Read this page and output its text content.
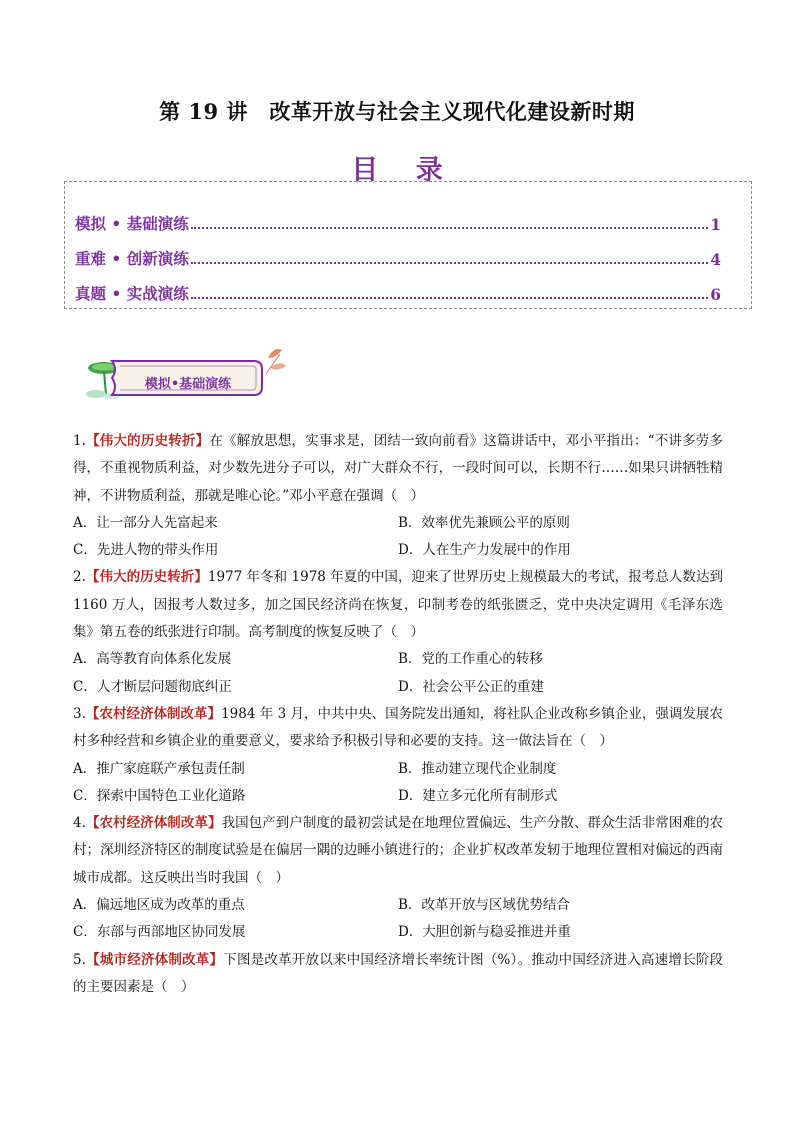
第 19 讲　改革开放与社会主义现代化建设新时期
目 录
模拟 • 基础演练	1
重难 • 创新演练	4
真题 • 实战演练	6
模拟•基础演练

1.【伟大的历史转折】在《解放思想，实事求是，团结一致向前看》这篇讲话中，邓小平指出：“不讲多劳多得，不重视物质利益，对少数先进分子可以，对广大群众不行，一段时间可以，长期不行……如果只讲牺牲精神，不讲物质利益，那就是唯心论。”邓小平意在强调（　）

A．让一部分人先富起来	B．效率优先兼顾公平的原则
C．先进人物的带头作用	D．人在生产力发展中的作用

2.【伟大的历史转折】1977 年冬和 1978 年夏的中国，迎来了世界历史上规模最大的考试，报考总人数达到 1160 万人，因报考人数过多，加之国民经济尚在恢复，印制考卷的纸张匮乏，党中央决定调用《毛泽东选集》第五卷的纸张进行印制。高考制度的恢复反映了（　）

A．高等教育向体系化发展	B．党的工作重心的转移
C．人才断层问题彻底纠正	D．社会公平公正的重建

3.【农村经济体制改革】1984 年 3 月，中共中央、国务院发出通知，将社队企业改称乡镇企业，强调发展农村多种经营和乡镇企业的重要意义，要求给予积极引导和必要的支持。这一做法旨在（　）

A．推广家庭联产承包责任制	B．推动建立现代企业制度
C．探索中国特色工业化道路	D．建立多元化所有制形式

4.【农村经济体制改革】我国包产到户制度的最初尝试是在地理位置偏远、生产分散、群众生活非常困难的农村；深圳经济特区的制度试验是在偏居一隅的边睡小镇进行的；企业扩权改革发轫于地理位置相对偏远的西南城市成都。这反映出当时我国（　）

A．偏远地区成为改革的重点	B．改革开放与区域优势结合
C．东部与西部地区协同发展	D．大胆创新与稳妥推进并重

5.【城市经济体制改革】下图是改革开放以来中国经济增长率统计图（%）。推动中国经济进入高速增长阶段的主要因素是（　）
